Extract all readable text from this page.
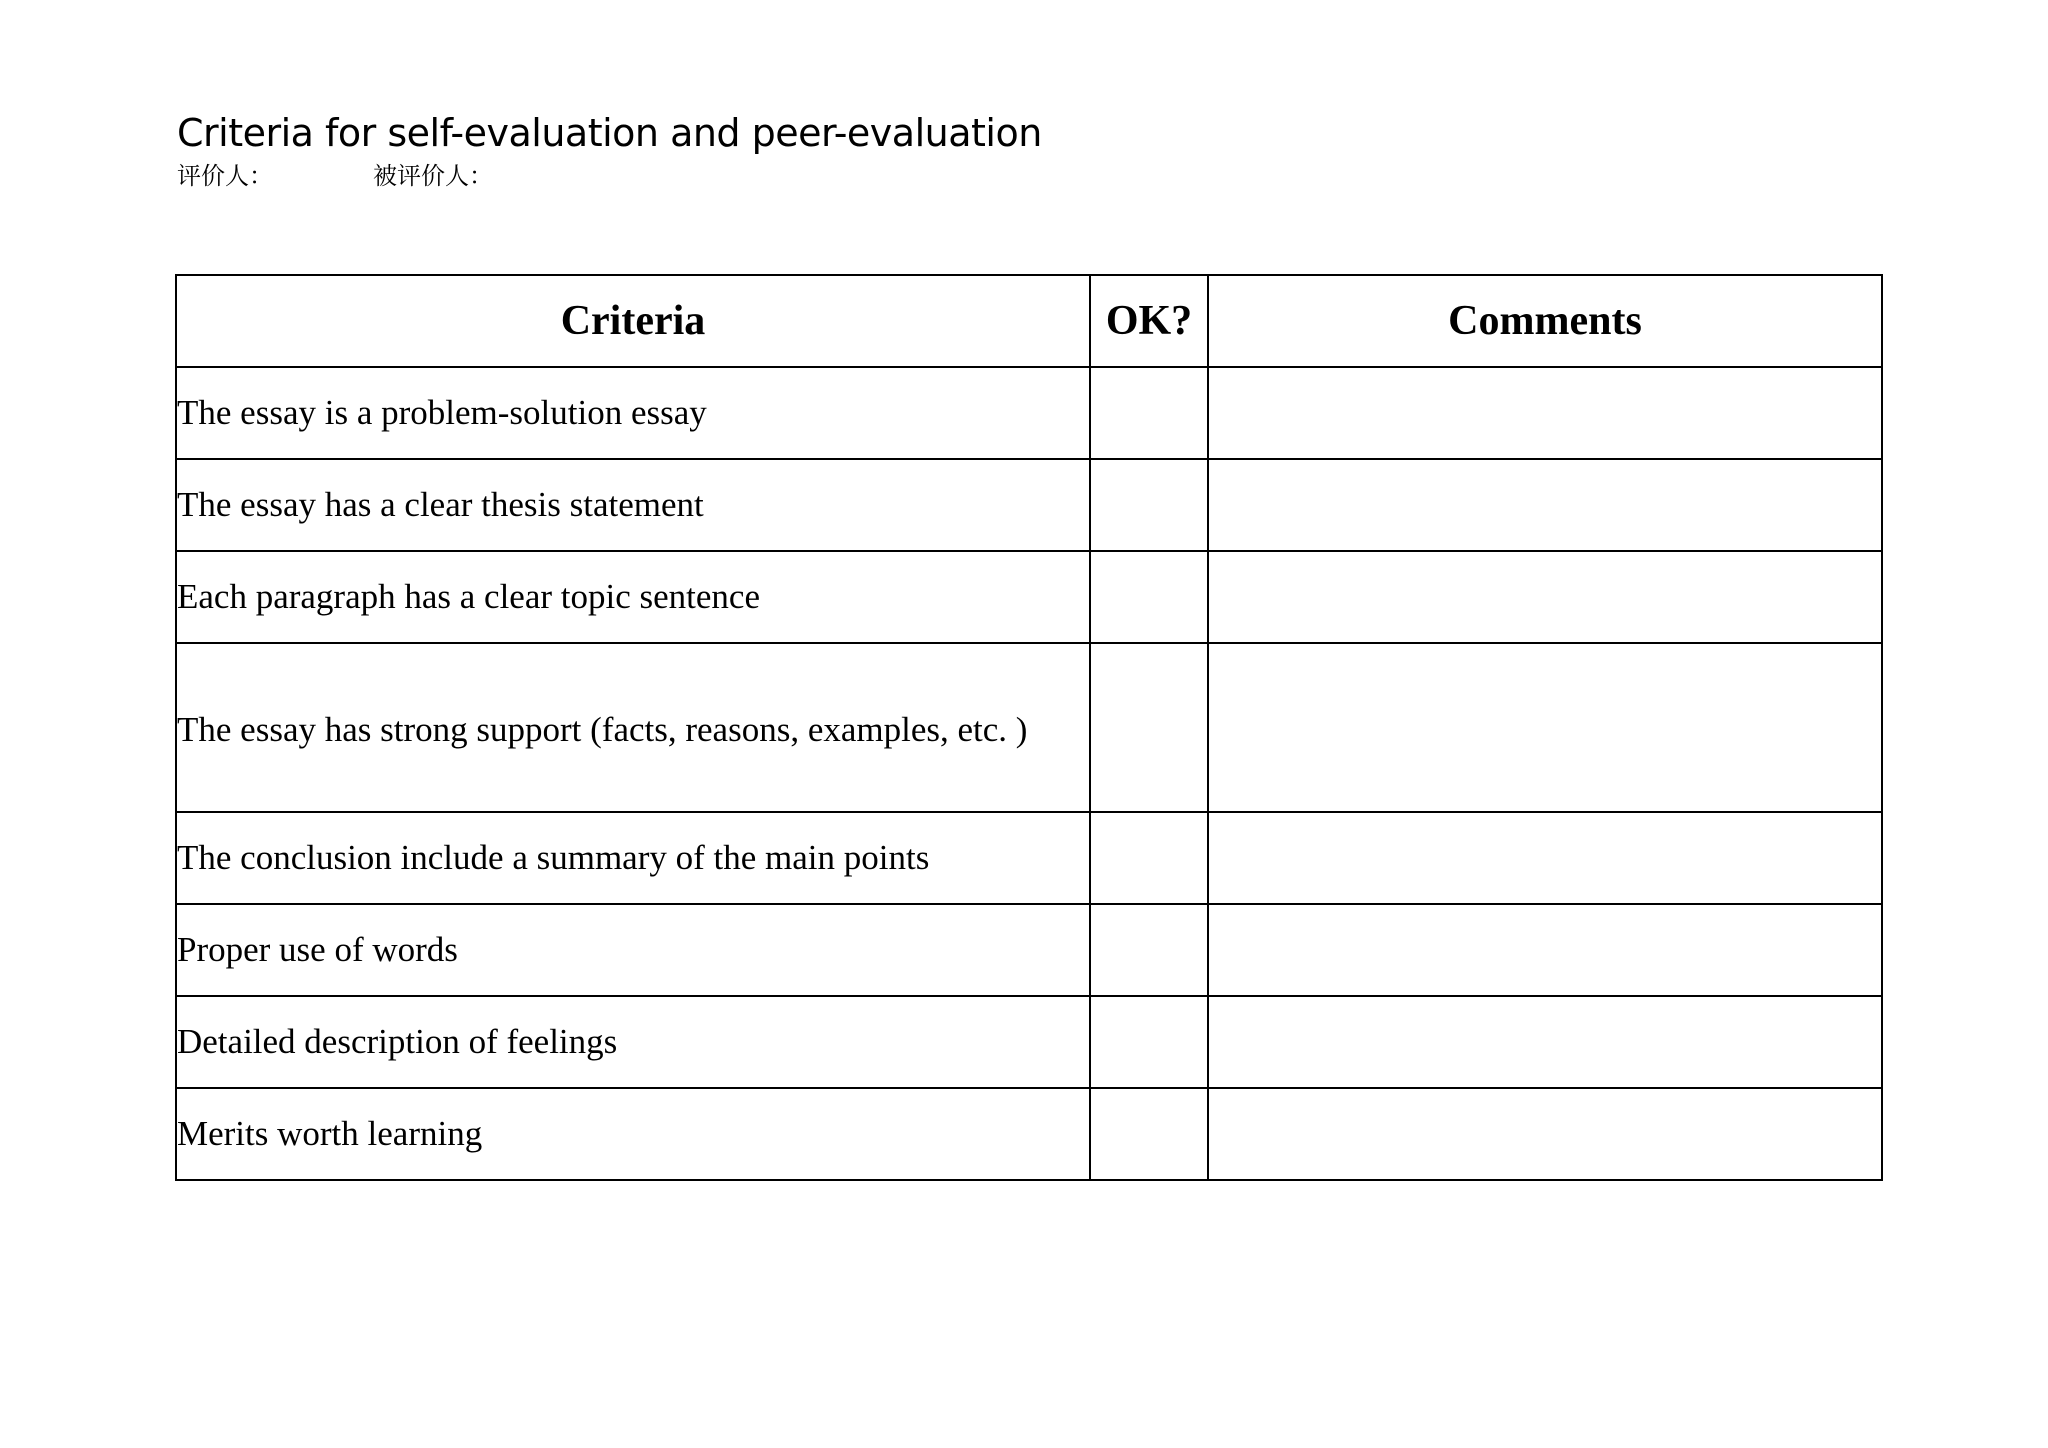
Criteria for self-evaluation and peer-evaluation
评价人：	被评价人：
Criteria	OK?	Comments
The essay is a problem-solution essay		
The essay has a clear thesis statement		
Each paragraph has a clear topic sentence		
The essay has strong support (facts, reasons, examples, etc. )		
The conclusion include a summary of the main points		
Proper use of words		
Detailed description of feelings		
Merits worth learning		
